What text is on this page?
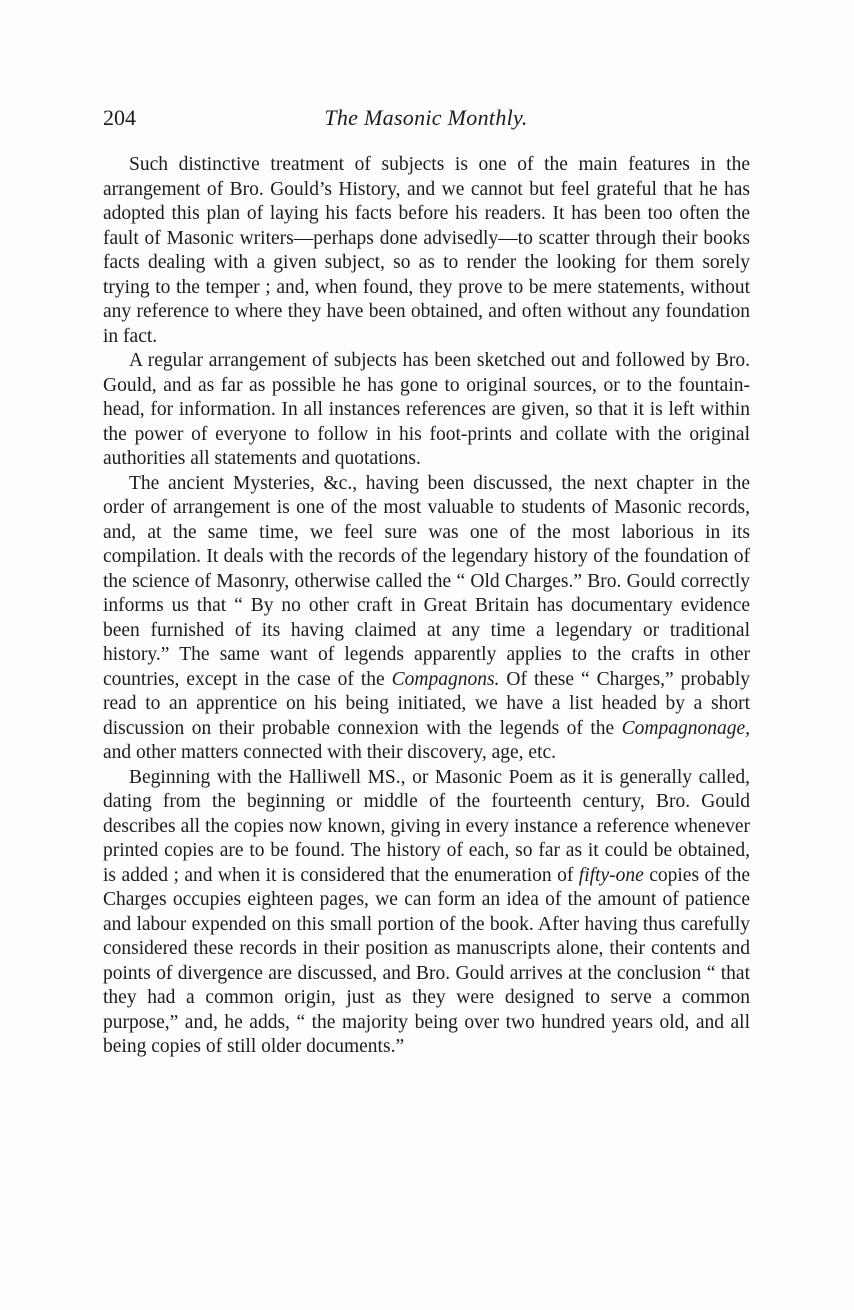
204	The Masonic Monthly.

Such distinctive treatment of subjects is one of the main features in the arrangement of Bro. Gould’s History, and we cannot but feel grateful that he has adopted this plan of laying his facts before his readers. It has been too often the fault of Masonic writers—perhaps done advisedly—to scatter through their books facts dealing with a given subject, so as to render the looking for them sorely trying to the temper ; and, when found, they prove to be mere statements, without any reference to where they have been obtained, and often without any foundation in fact.

A regular arrangement of subjects has been sketched out and followed by Bro. Gould, and as far as possible he has gone to original sources, or to the fountain-head, for information. In all instances references are given, so that it is left within the power of everyone to follow in his foot-prints and collate with the original authorities all statements and quotations.

The ancient Mysteries, &c., having been discussed, the next chapter in the order of arrangement is one of the most valuable to students of Masonic records, and, at the same time, we feel sure was one of the most laborious in its compilation. It deals with the records of the legendary history of the foundation of the science of Masonry, otherwise called the “ Old Charges.” Bro. Gould correctly informs us that “ By no other craft in Great Britain has documentary evidence been furnished of its having claimed at any time a legendary or traditional history.” The same want of legends apparently applies to the crafts in other countries, except in the case of the Compagnons. Of these “ Charges,” probably read to an apprentice on his being initiated, we have a list headed by a short discussion on their probable connexion with the legends of the Compagnonage, and other matters connected with their discovery, age, etc.

Beginning with the Halliwell MS., or Masonic Poem as it is generally called, dating from the beginning or middle of the fourteenth century, Bro. Gould describes all the copies now known, giving in every instance a reference whenever printed copies are to be found. The history of each, so far as it could be obtained, is added ; and when it is considered that the enumeration of fifty-one copies of the Charges occupies eighteen pages, we can form an idea of the amount of patience and labour expended on this small portion of the book. After having thus carefully considered these records in their position as manuscripts alone, their contents and points of divergence are discussed, and Bro. Gould arrives at the conclusion “ that they had a common origin, just as they were designed to serve a common purpose,” and, he adds, “ the majority being over two hundred years old, and all being copies of still older documents.”
